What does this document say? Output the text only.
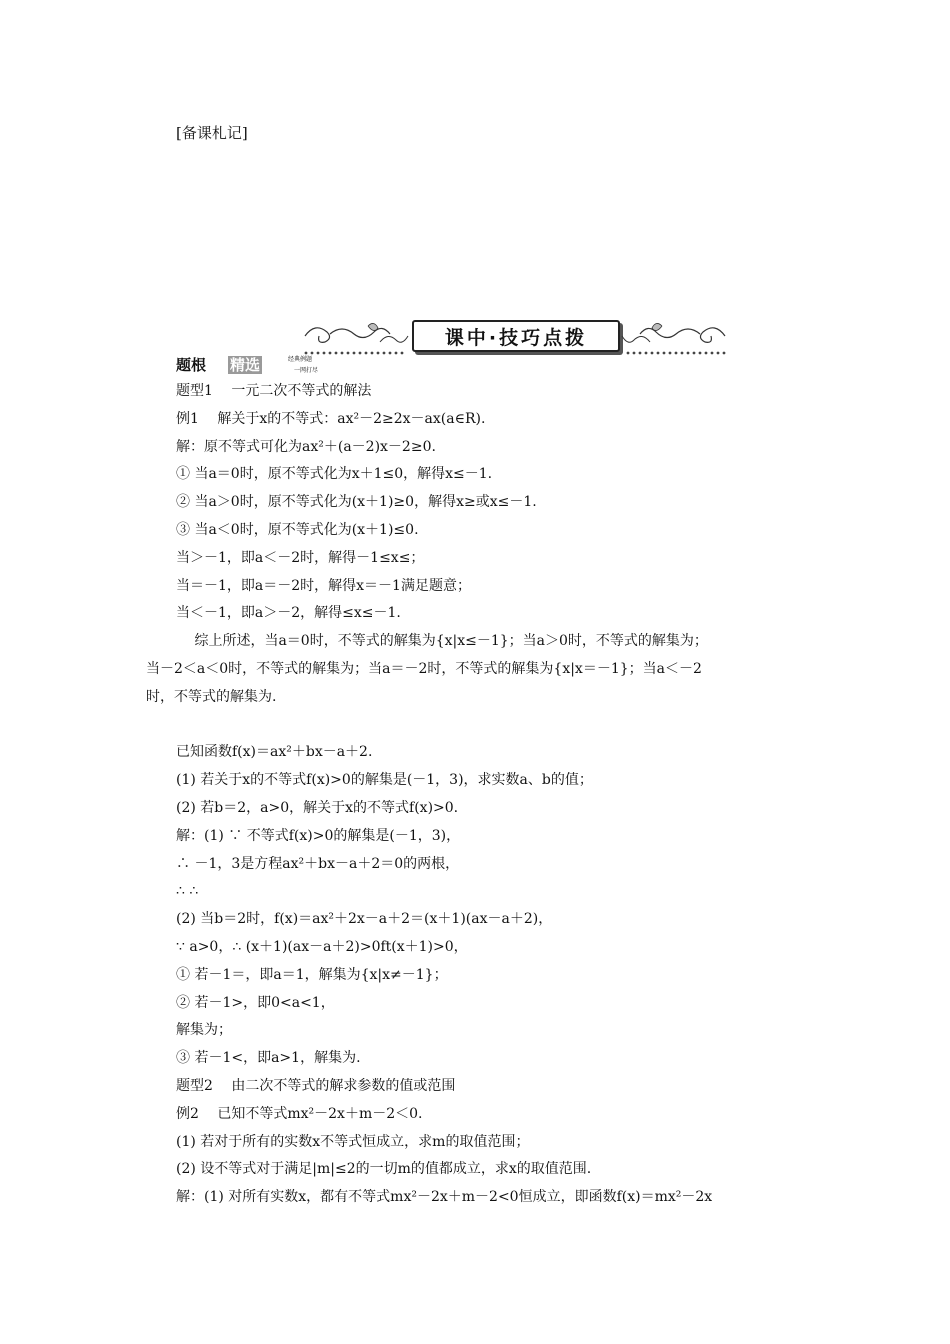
[备课札记]
课中·技巧点拨
题根 精选	经典例题
一网打尽
题型1　 一元二次不等式的解法
例1　 解关于x的不等式：ax²－2≥2x－ax(a∈R).
解：原不等式可化为ax²＋(a－2)x－2≥0.
① 当a＝0时，原不等式化为x＋1≤0，解得x≤－1.
② 当a＞0时，原不等式化为(x＋1)≥0，解得x≥或x≤－1.
③ 当a＜0时，原不等式化为(x＋1)≤0.
当＞－1，即a＜－2时，解得－1≤x≤；
当＝－1，即a＝－2时，解得x＝－1满足题意；
当＜－1，即a＞－2，解得≤x≤－1.
　 综上所述，当a＝0时，不等式的解集为{x|x≤－1}；当a＞0时，不等式的解集为；
当－2＜a＜0时，不等式的解集为；当a＝－2时，不等式的解集为{x|x＝－1}；当a＜－2
时，不等式的解集为.
已知函数f(x)＝ax²＋bx－a＋2.
(1) 若关于x的不等式f(x)>0的解集是(－1，3)，求实数a、b的值；
(2) 若b＝2，a>0，解关于x的不等式f(x)>0.
解：(1) ∵ 不等式f(x)>0的解集是(－1，3)，
∴ －1，3是方程ax²＋bx－a＋2＝0的两根，
∴ ∴
(2) 当b＝2时，f(x)＝ax²＋2x－a＋2＝(x＋1)(ax－a＋2)，
∵ a>0，∴ (x＋1)(ax－a＋2)>0ft(x＋1)>0，
① 若－1＝，即a＝1，解集为{x|x≠－1}；
② 若－1>，即0<a<1，
解集为；
③ 若－1<，即a>1，解集为.
题型2　 由二次不等式的解求参数的值或范围
例2　 已知不等式mx²－2x＋m－2＜0.
(1) 若对于所有的实数x不等式恒成立，求m的取值范围；
(2) 设不等式对于满足|m|≤2的一切m的值都成立，求x的取值范围.
解：(1) 对所有实数x，都有不等式mx²－2x＋m－2<0恒成立，即函数f(x)＝mx²－2x
